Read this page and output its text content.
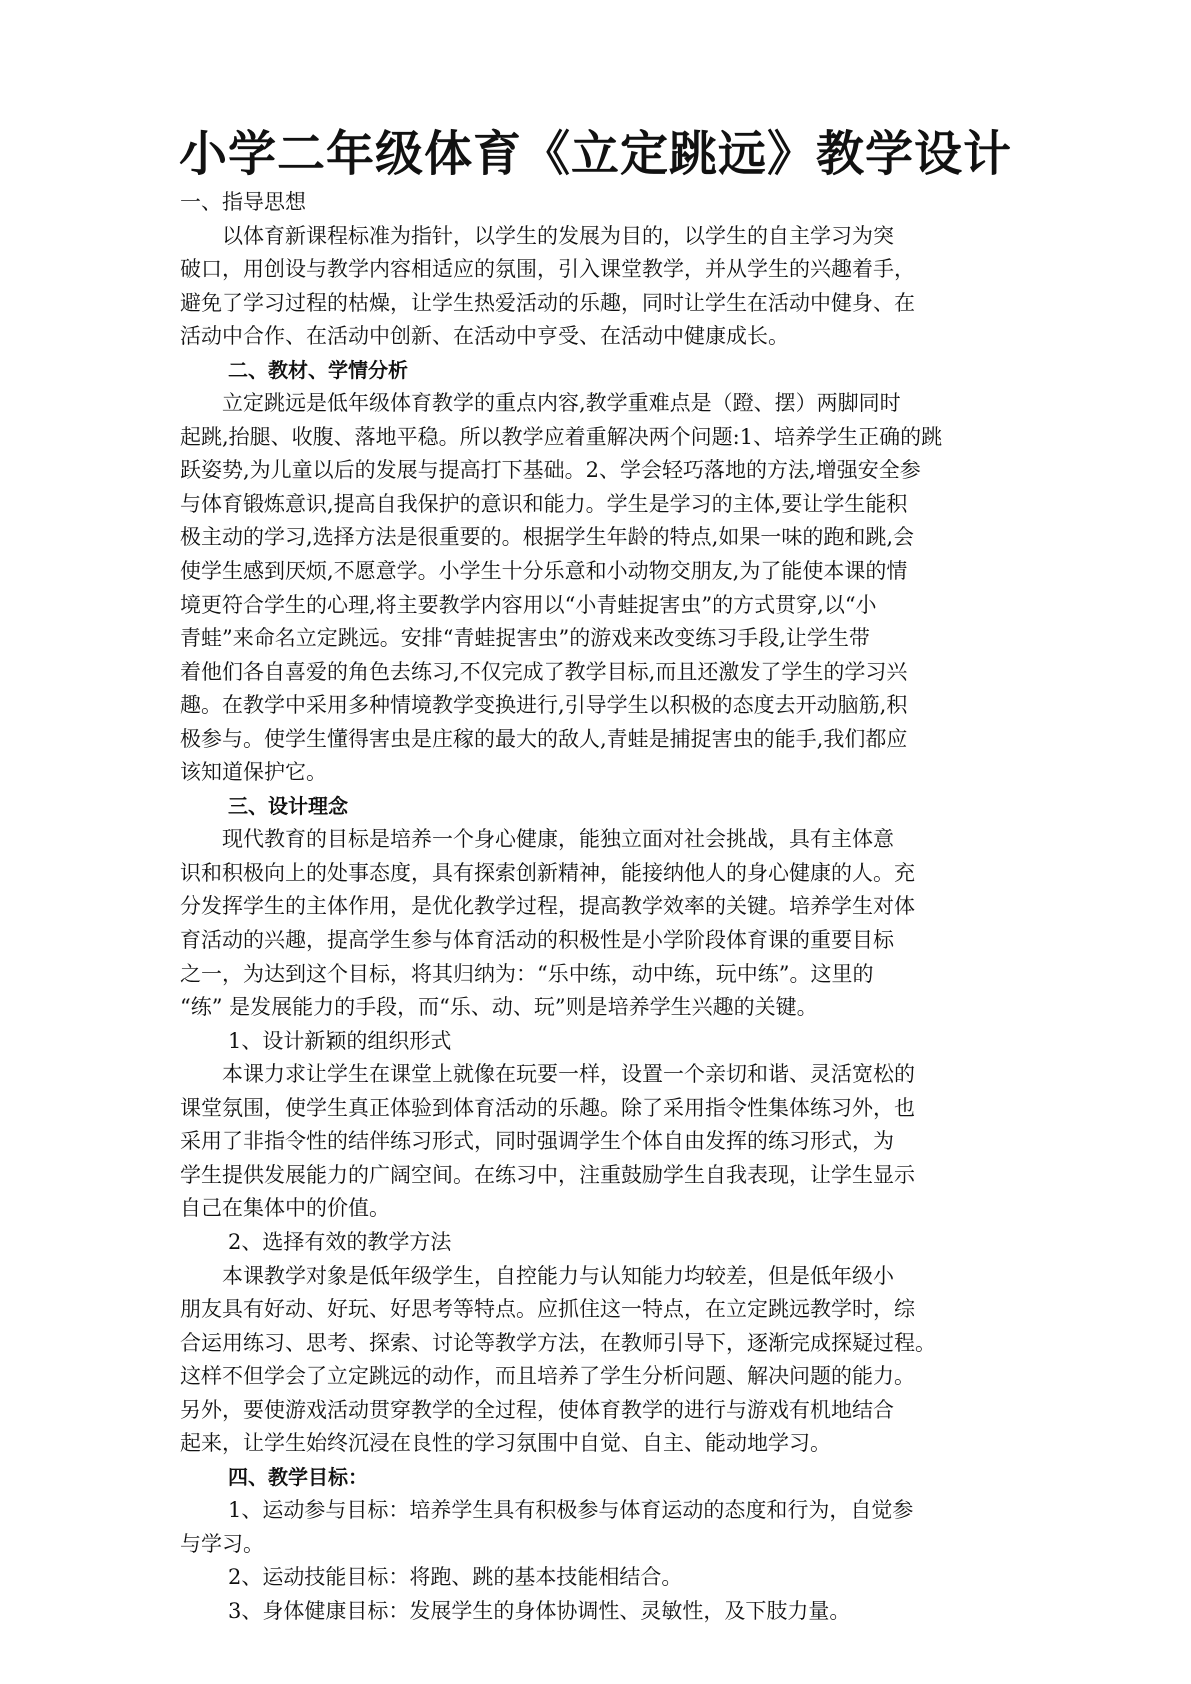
小学二年级体育《立定跳远》教学设计
一、指导思想
以体育新课程标准为指针，以学生的发展为目的，以学生的自主学习为突
破口，用创设与教学内容相适应的氛围，引入课堂教学，并从学生的兴趣着手，
避免了学习过程的枯燥，让学生热爱活动的乐趣，同时让学生在活动中健身、在
活动中合作、在活动中创新、在活动中亨受、在活动中健康成长。
二、教材、学情分析
立定跳远是低年级体育教学的重点内容,教学重难点是（蹬、摆）两脚同时
起跳,抬腿、收腹、落地平稳。所以教学应着重解决两个问题:1、培养学生正确的跳
跃姿势,为儿童以后的发展与提高打下基础。2、学会轻巧落地的方法,增强安全参
与体育锻炼意识,提高自我保护的意识和能力。学生是学习的主体,要让学生能积
极主动的学习,选择方法是很重要的。根据学生年龄的特点,如果一味的跑和跳,会
使学生感到厌烦,不愿意学。小学生十分乐意和小动物交朋友,为了能使本课的情
境更符合学生的心理,将主要教学内容用以“小青蛙捉害虫”的方式贯穿,以“小
青蛙”来命名立定跳远。安排“青蛙捉害虫”的游戏来改变练习手段,让学生带
着他们各自喜爱的角色去练习,不仅完成了教学目标,而且还激发了学生的学习兴
趣。在教学中采用多种情境教学变换进行,引导学生以积极的态度去开动脑筋,积
极参与。使学生懂得害虫是庄稼的最大的敌人,青蛙是捕捉害虫的能手,我们都应
该知道保护它。
三、设计理念
现代教育的目标是培养一个身心健康，能独立面对社会挑战，具有主体意
识和积极向上的处事态度，具有探索创新精神，能接纳他人的身心健康的人。充
分发挥学生的主体作用，是优化教学过程，提高教学效率的关键。培养学生对体
育活动的兴趣，提高学生参与体育活动的积极性是小学阶段体育课的重要目标
之一，为达到这个目标，将其归纳为：“乐中练，动中练，玩中练”。这里的
“练” 是发展能力的手段，而“乐、动、玩”则是培养学生兴趣的关键。
1、设计新颖的组织形式
本课力求让学生在课堂上就像在玩要一样，设置一个亲切和谐、灵活宽松的
课堂氛围，使学生真正体验到体育活动的乐趣。除了采用指令性集体练习外，也
采用了非指令性的结伴练习形式，同时强调学生个体自由发挥的练习形式，为
学生提供发展能力的广阔空间。在练习中，注重鼓励学生自我表现，让学生显示
自己在集体中的价值。
2、选择有效的教学方法
本课教学对象是低年级学生，自控能力与认知能力均较差，但是低年级小
朋友具有好动、好玩、好思考等特点。应抓住这一特点，在立定跳远教学时，综
合运用练习、思考、探索、讨论等教学方法，在教师引导下，逐渐完成探疑过程。
这样不但学会了立定跳远的动作，而且培养了学生分析问题、解决问题的能力。
另外，要使游戏活动贯穿教学的全过程，使体育教学的进行与游戏有机地结合
起来，让学生始终沉浸在良性的学习氛围中自觉、自主、能动地学习。
四、教学目标：
1、运动参与目标：培养学生具有积极参与体育运动的态度和行为，自觉参
与学习。
2、运动技能目标：将跑、跳的基本技能相结合。
3、身体健康目标：发展学生的身体协调性、灵敏性，及下肢力量。
